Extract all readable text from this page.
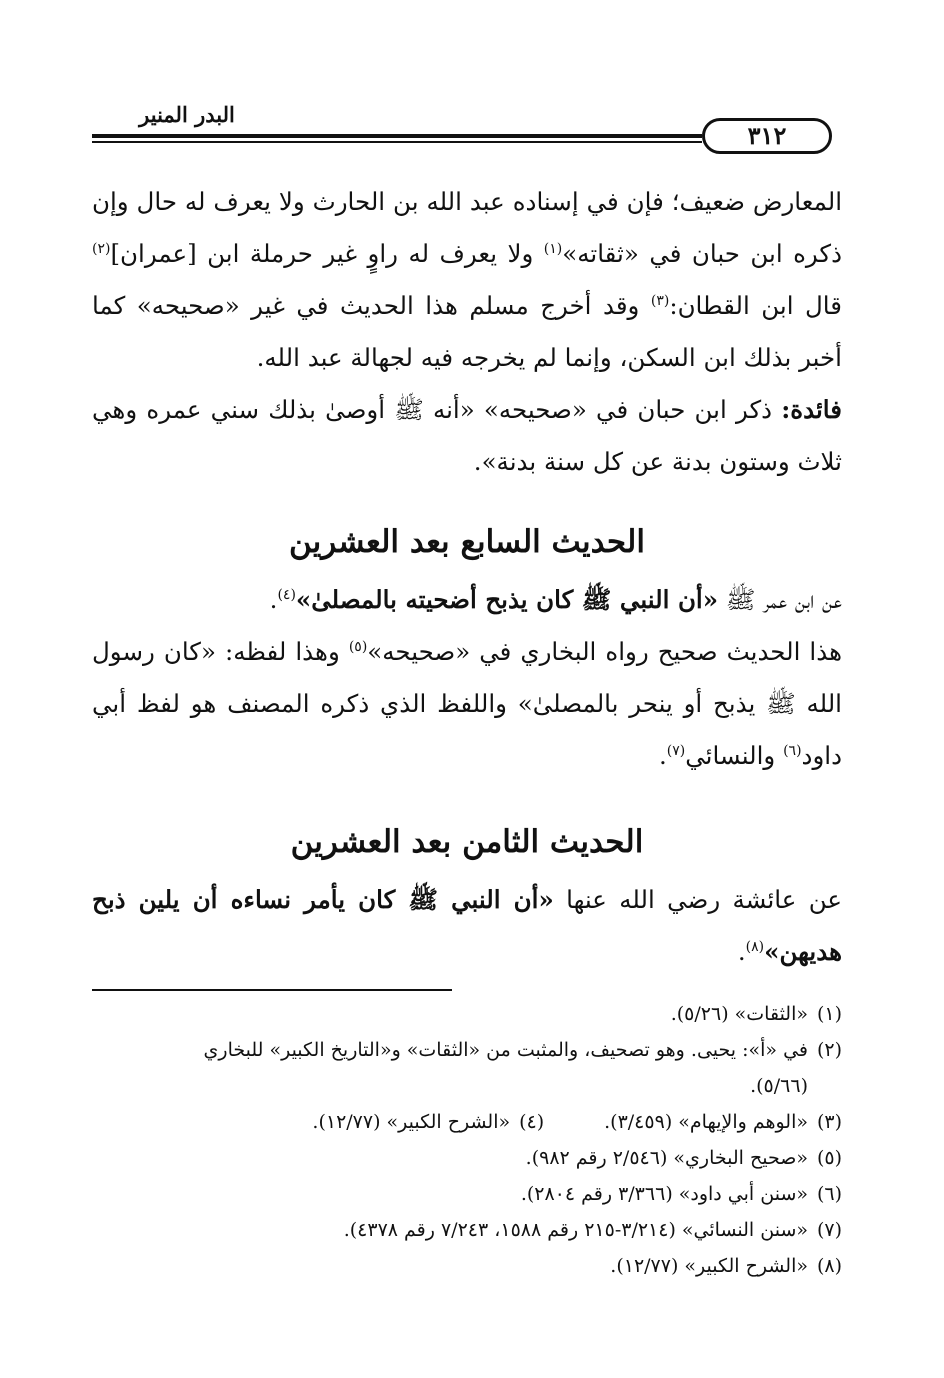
٣١٢
البدر المنير

المعارض ضعيف؛ فإن في إسناده عبد الله بن الحارث ولا يعرف له حال وإن ذكره ابن حبان في «ثقاته»$^{(١)}$ ولا يعرف له راوٍ غير حرملة ابن [عمران]$^{(٢)}$ قال ابن القطان:$^{(٣)}$ وقد أخرج مسلم هذا الحديث في غير «صحيحه» كما أخبر بذلك ابن السكن، وإنما لم يخرجه فيه لجهالة عبد الله.

فائدة: ذكر ابن حبان في «صحيحه» «أنه ﷺ أوصىٰ بذلك سني عمره وهي ثلاث وستون بدنة عن كل سنة بدنة».

الحديث السابع بعد العشرين

عن ابن عمر ﷺ «أن النبي ﷺ كان يذبح أضحيته بالمصلىٰ»$^{(٤)}$.

هذا الحديث صحيح رواه البخاري في «صحيحه»$^{(٥)}$ وهذا لفظه: «كان رسول الله ﷺ يذبح أو ينحر بالمصلىٰ» واللفظ الذي ذكره المصنف هو لفظ أبي داود$^{(٦)}$ والنسائي$^{(٧)}$.

الحديث الثامن بعد العشرين

عن عائشة رضي الله عنها «أن النبي ﷺ كان يأمر نساءه أن يلين ذبح هديهن»$^{(٨)}$.

(١)«الثقات» (٥/٢٦).

(٢)في «أ»: يحيى. وهو تصحيف، والمثبت من «الثقات» و«التاريخ الكبير» للبخاري

(٥/٦٦).

(٣)«الوهم والإيهام» (٣/٤٥٩).

(٤)«الشرح الكبير» (١٢/٧٧).

(٥)«صحيح البخاري» (٢/٥٤٦ رقم ٩٨٢).

(٦)«سنن أبي داود» (٣/٣٦٦ رقم ٢٨٠٤).

(٧)«سنن النسائي» (٣/٢١٤-٢١٥ رقم ١٥٨٨، ٧/٢٤٣ رقم ٤٣٧٨).

(٨)«الشرح الكبير» (١٢/٧٧).
